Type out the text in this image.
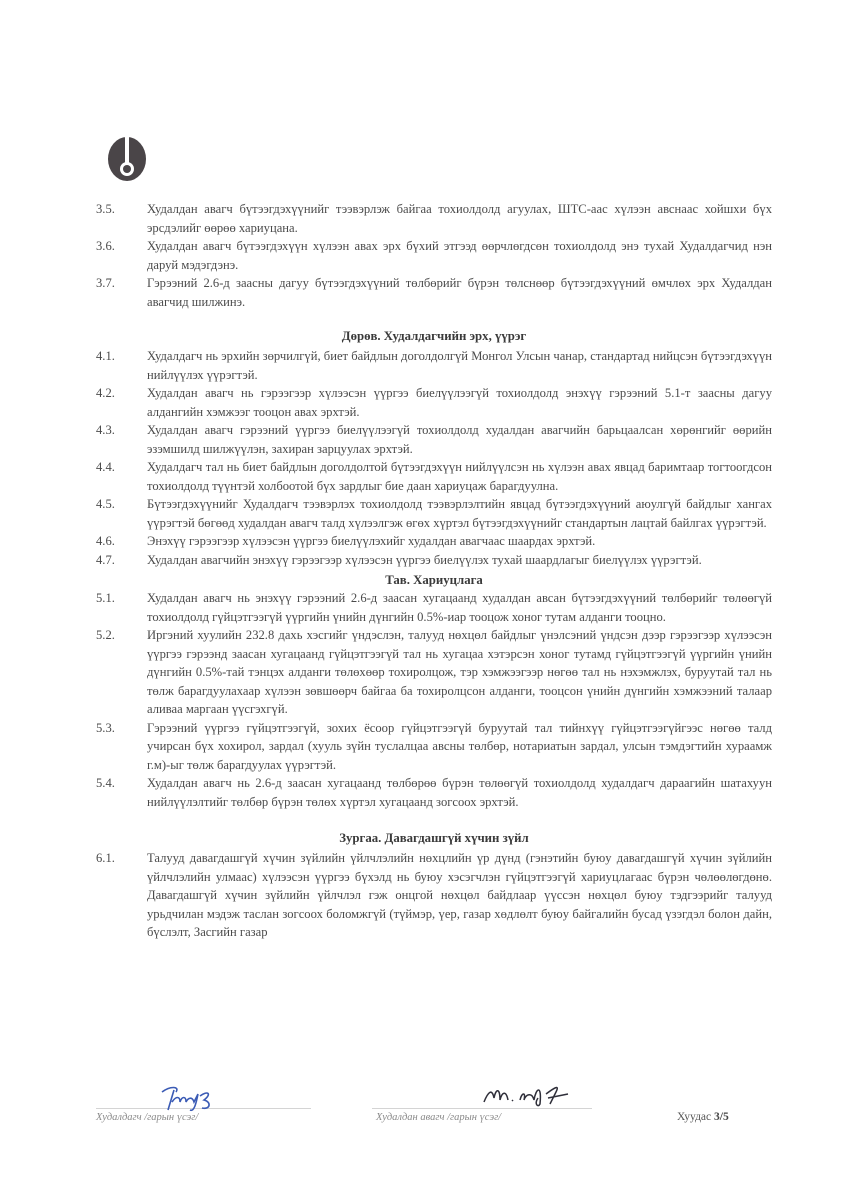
3.5.	Худалдан авагч бүтээгдэхүүнийг тээвэрлэж байгаа тохиолдолд агуулах, ШТС-аас хүлээн авснаас хойшхи бүх эрсдэлийг өөрөө хариуцана.
3.6.	Худалдан авагч бүтээгдэхүүн хүлээн авах эрх бүхий этгээд өөрчлөгдсөн тохиолдолд энэ тухай Худалдагчид нэн даруй мэдэгдэнэ.
3.7.	Гэрээний 2.6-д заасны дагуу бүтээгдэхүүний төлбөрийг бүрэн төлснөөр бүтээгдэхүүний өмчлөх эрх Худалдан авагчид шилжинэ.
Дөрөв. Худалдагчийн эрх, үүрэг
4.1.	Худалдагч нь эрхийн зөрчилгүй, биет байдлын доголдолгүй Монгол Улсын чанар, стандартад нийцсэн бүтээгдэхүүн нийлүүлэх үүрэгтэй.
4.2.	Худалдан авагч нь гэрээгээр хүлээсэн үүргээ биелүүлээгүй тохиолдолд энэхүү гэрээний 5.1-т заасны дагуу алдангийн хэмжээг тооцон авах эрхтэй.
4.3.	Худалдан авагч гэрээний үүргээ биелүүлээгүй тохиолдолд худалдан авагчийн барьцаалсан хөрөнгийг өөрийн эзэмшилд шилжүүлэн, захиран зарцуулах эрхтэй.
4.4.	Худалдагч тал нь биет байдлын доголдолтой бүтээгдэхүүн нийлүүлсэн нь хүлээн авах явцад баримтаар тогтоогдсон тохиолдолд түүнтэй холбоотой бүх зардлыг бие даан хариуцаж барагдуулна.
4.5.	Бүтээгдэхүүнийг Худалдагч тээвэрлэх тохиолдолд тээвэрлэлтийн явцад бүтээгдэхүүний аюулгүй байдлыг хангах үүрэгтэй бөгөөд худалдан авагч талд хүлээлгэж өгөх хүртэл бүтээгдэхүүнийг стандартын лацтай байлгах үүрэгтэй.
4.6.	Энэхүү гэрээгээр хүлээсэн үүргээ биелүүлэхийг худалдан авагчаас шаардах эрхтэй.
4.7.	Худалдан авагчийн энэхүү гэрээгээр хүлээсэн үүргээ биелүүлэх тухай шаардлагыг биелүүлэх үүрэгтэй.
Тав. Хариуцлага
5.1.	Худалдан авагч нь энэхүү гэрээний 2.6-д заасан хугацаанд худалдан авсан бүтээгдэхүүний төлбөрийг төлөөгүй тохиолдолд гүйцэтгээгүй үүргийн үнийн дүнгийн 0.5%-иар тооцож хоног тутам алданги тооцно.
5.2.	Иргэний хуулийн 232.8 дахь хэсгийг үндэслэн, талууд нөхцөл байдлыг үнэлсэний үндсэн дээр гэрээгээр хүлээсэн үүргээ гэрээнд заасан хугацаанд гүйцэтгээгүй тал нь хугацаа хэтэрсэн хоног тутамд гүйцэтгээгүй үүргийн үнийн дүнгийн 0.5%-тай тэнцэх алданги төлөхөөр тохиролцож, тэр хэмжээгээр нөгөө тал нь нэхэмжлэх, буруутай тал нь төлж барагдуулахаар хүлээн зөвшөөрч байгаа ба тохиролцсон алданги, тооцсон үнийн дүнгийн хэмжээний талаар аливаа маргаан үүсгэхгүй.
5.3.	Гэрээний үүргээ гүйцэтгээгүй, зохих ёсоор гүйцэтгээгүй буруутай тал тийнхүү гүйцэтгээгүйгээс нөгөө талд учирсан бүх хохирол, зардал (хууль зүйн туслалцаа авсны төлбөр, нотариатын зардал, улсын тэмдэгтийн хураамж г.м)-ыг төлж барагдуулах үүрэгтэй.
5.4.	Худалдан авагч нь 2.6-д заасан хугацаанд төлбөрөө бүрэн төлөөгүй тохиолдолд худалдагч дараагийн шатахуун нийлүүлэлтийг төлбөр бүрэн төлөх хүртэл хугацаанд зогсоох эрхтэй.
Зургаа. Давагдашгүй хүчин зүйл
6.1.	Талууд давагдашгүй хүчин зүйлийн үйлчлэлийн нөхцлийн үр дүнд (гэнэтийн буюу давагдашгүй хүчин зүйлийн үйлчлэлийн улмаас) хүлээсэн үүргээ бүхэлд нь буюу хэсэгчлэн гүйцэтгээгүй хариуцлагаас бүрэн чөлөөлөгдөнө. Давагдашгүй хүчин зүйлийн үйлчлэл гэж онцгой нөхцөл байдлаар үүссэн нөхцөл буюу тэдгээрийг талууд урьдчилан мэдэж таслан зогсоох боломжгүй (түймэр, үер, газар хөдлөлт буюу байгалийн бусад үзэгдэл болон дайн, бүслэлт, Засгийн газар
Худалдагч /гарын үсэг/	Худалдан авагч /гарын үсэг/	Хуудас 3/5
